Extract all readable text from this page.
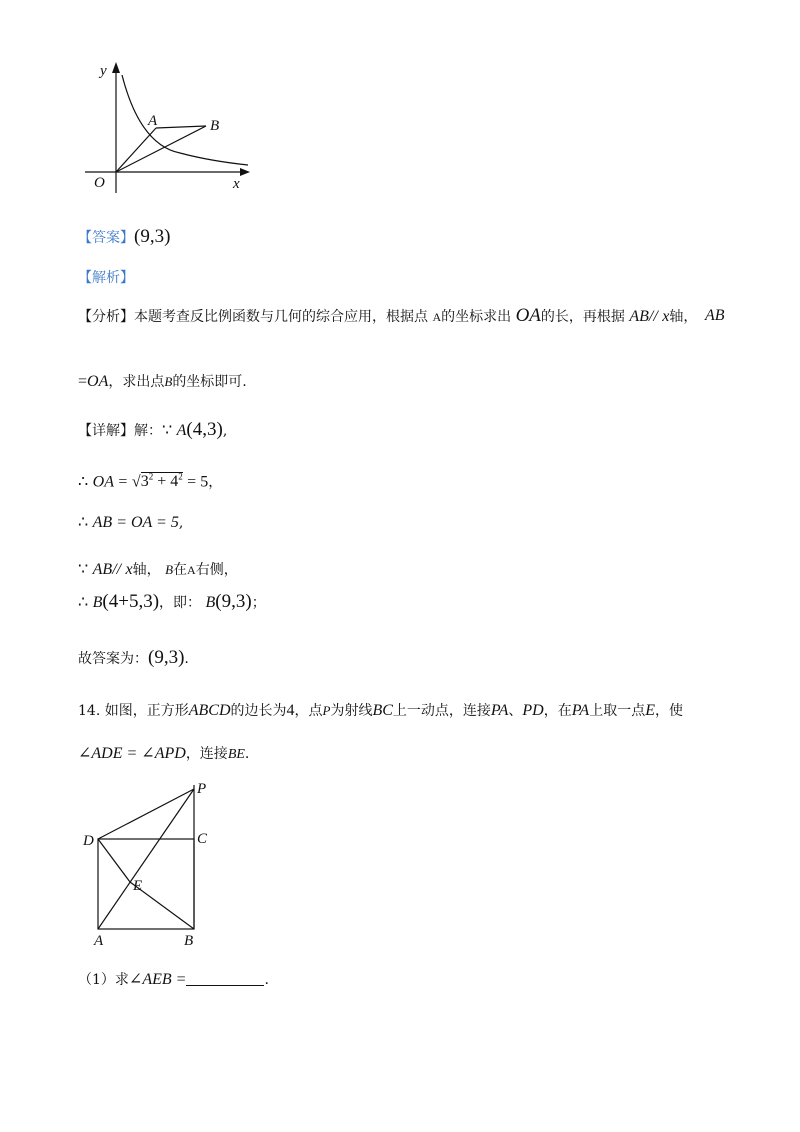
y
A	B
O	x
【答案】(9,3)
【解析】
【分析】本题考查反比例函数与几何的综合应用，根据点 A的坐标求出 OA的长，再根据 AB// x轴， AB
=OA，求出点B的坐标即可.
【详解】解：∵ A(4,3),
∴ OA = $√3^2 + 4^2 = 5$，
∴ AB = OA = 5,
∵ AB// x轴， B在A右侧，
∴ B(4+5,3)，即： B(9,3)；
故答案为：(9,3).
14. 如图，正方形ABCD的边长为4，点P为射线BC上一动点，连接PA、PD，在PA上取一点E，使
∠ADE = ∠APD，连接BE.
P
D	C
E
A	B
（1）求∠AEB =	.
